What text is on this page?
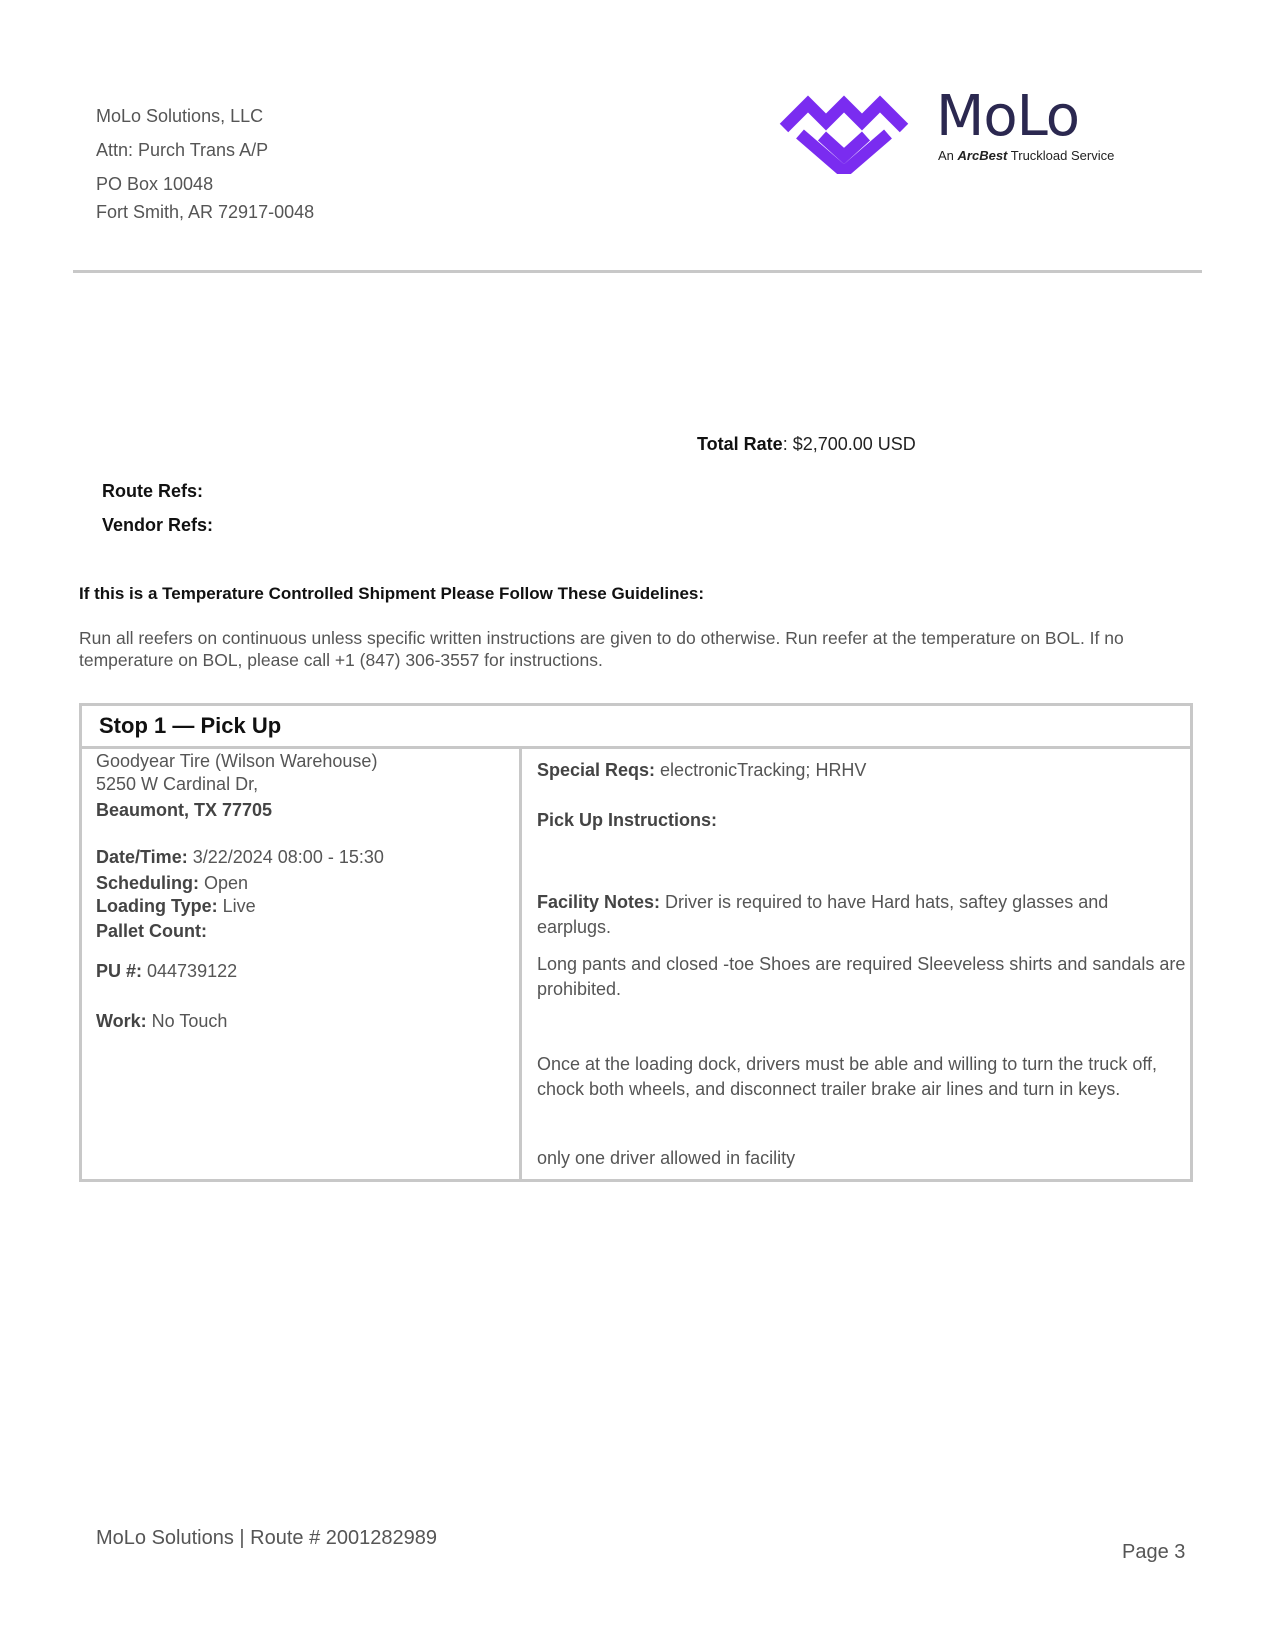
MoLo Solutions, LLC
Attn: Purch Trans A/P
PO Box 10048
Fort Smith, AR 72917-0048
MoLo
An ArcBest Truckload Service
Total Rate: $2,700.00 USD
Route Refs:
Vendor Refs:
If this is a Temperature Controlled Shipment Please Follow These Guidelines:
Run all reefers on continuous unless specific written instructions are given to do otherwise. Run reefer at the temperature on BOL. If no temperature on BOL, please call +1 (847) 306-3557 for instructions.
Stop 1 — Pick Up
Goodyear Tire (Wilson Warehouse)
5250 W Cardinal Dr,
Beaumont, TX 77705
Date/Time: 3/22/2024 08:00 - 15:30
Scheduling: Open
Loading Type: Live
Pallet Count:
PU #: 044739122
Work: No Touch
Special Reqs: electronicTracking; HRHV
Pick Up Instructions:
Facility Notes: Driver is required to have Hard hats, saftey glasses and earplugs.
Long pants and closed -toe Shoes are required Sleeveless shirts and sandals are prohibited.
Once at the loading dock, drivers must be able and willing to turn the truck off, chock both wheels, and disconnect trailer brake air lines and turn in keys.
only one driver allowed in facility
MoLo Solutions | Route # 2001282989
Page 3
